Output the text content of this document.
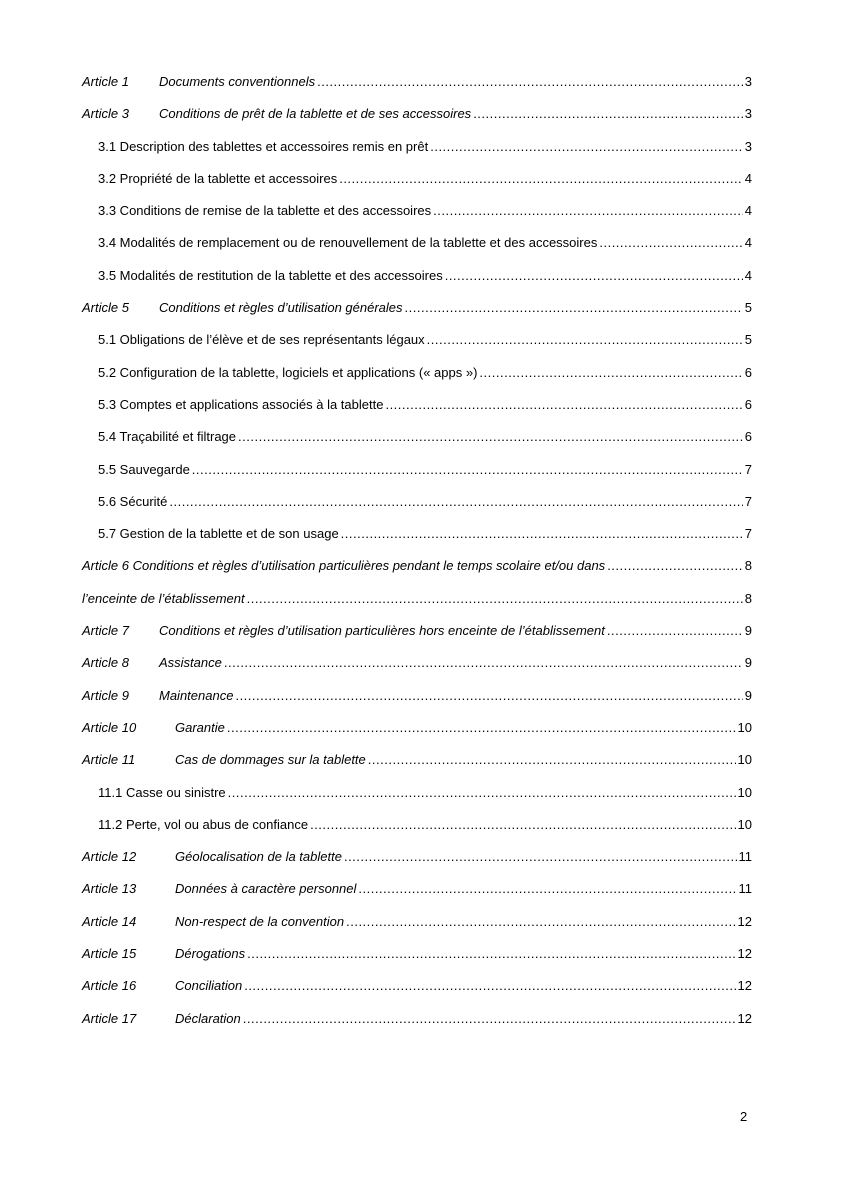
Article 1	Documents conventionnels .....	3
Article 3	Conditions de prêt de la tablette et de ses accessoires .....	3
3.1 Description des tablettes et accessoires remis en prêt .....	3
3.2 Propriété de la tablette et accessoires .....	4
3.3 Conditions de remise de la tablette et des accessoires .....	4
3.4 Modalités de remplacement ou de renouvellement de la tablette et des accessoires .....	4
3.5 Modalités de restitution de la tablette et des accessoires .....	4
Article 5	Conditions et règles d’utilisation générales .....	5
5.1 Obligations de l’élève et de ses représentants légaux .....	5
5.2 Configuration de la tablette, logiciels et applications (« apps ») .....	6
5.3 Comptes et applications associés à la tablette .....	6
5.4 Traçabilité et filtrage .....	6
5.5 Sauvegarde .....	7
5.6 Sécurité .....	7
5.7 Gestion de la tablette et de son usage .....	7
Article 6 Conditions et règles d’utilisation particulières pendant le temps scolaire et/ou dans .....	8
l’enceinte de l’établissement .....	8
Article 7	Conditions et règles d’utilisation particulières hors enceinte de l’établissement .....	9
Article 8	Assistance .....	9
Article 9	Maintenance .....	9
Article 10	Garantie .....	10
Article 11	Cas de dommages sur la tablette .....	10
11.1 Casse ou sinistre .....	10
11.2 Perte, vol ou abus de confiance .....	10
Article 12	Géolocalisation de la tablette .....	11
Article 13	Données à caractère personnel .....	11
Article 14	Non-respect de la convention .....	12
Article 15	Dérogations .....	12
Article 16	Conciliation .....	12
Article 17	Déclaration .....	12
2
